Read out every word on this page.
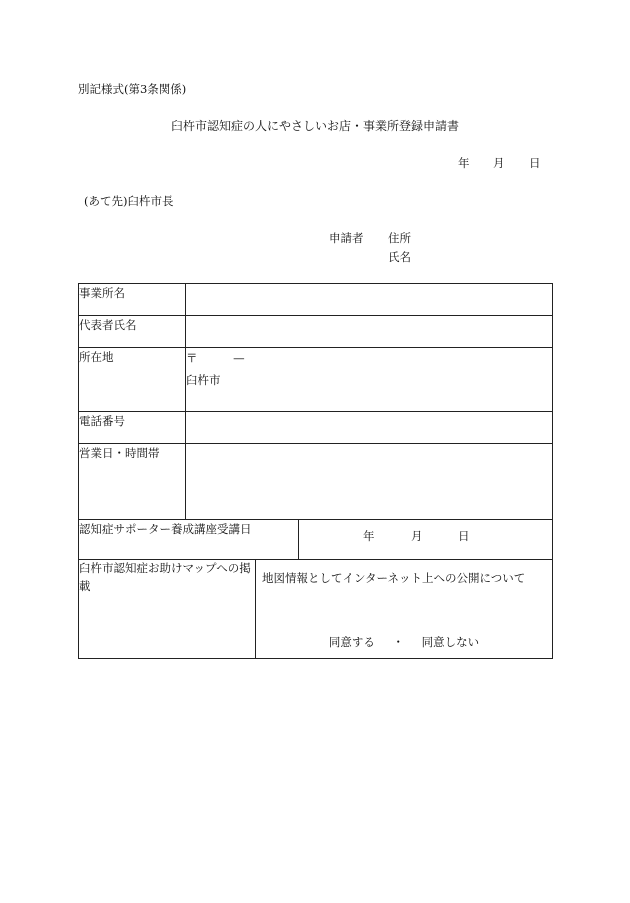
別記様式(第3条関係)
臼杵市認知症の人にやさしいお店・事業所登録申請書
年 月 日
(あて先)臼杵市長
申請者 住所
氏名
事業所名			
代表者氏名			
所在地	〒 —
臼杵市		

電話番号			
営業日・時間帯			
認知症サポーター養成講座受講日			年 月 日

臼杵市認知症お助けマップへの掲載		地図情報としてインターネット上への公開について
同意する ・ 同意しない	
